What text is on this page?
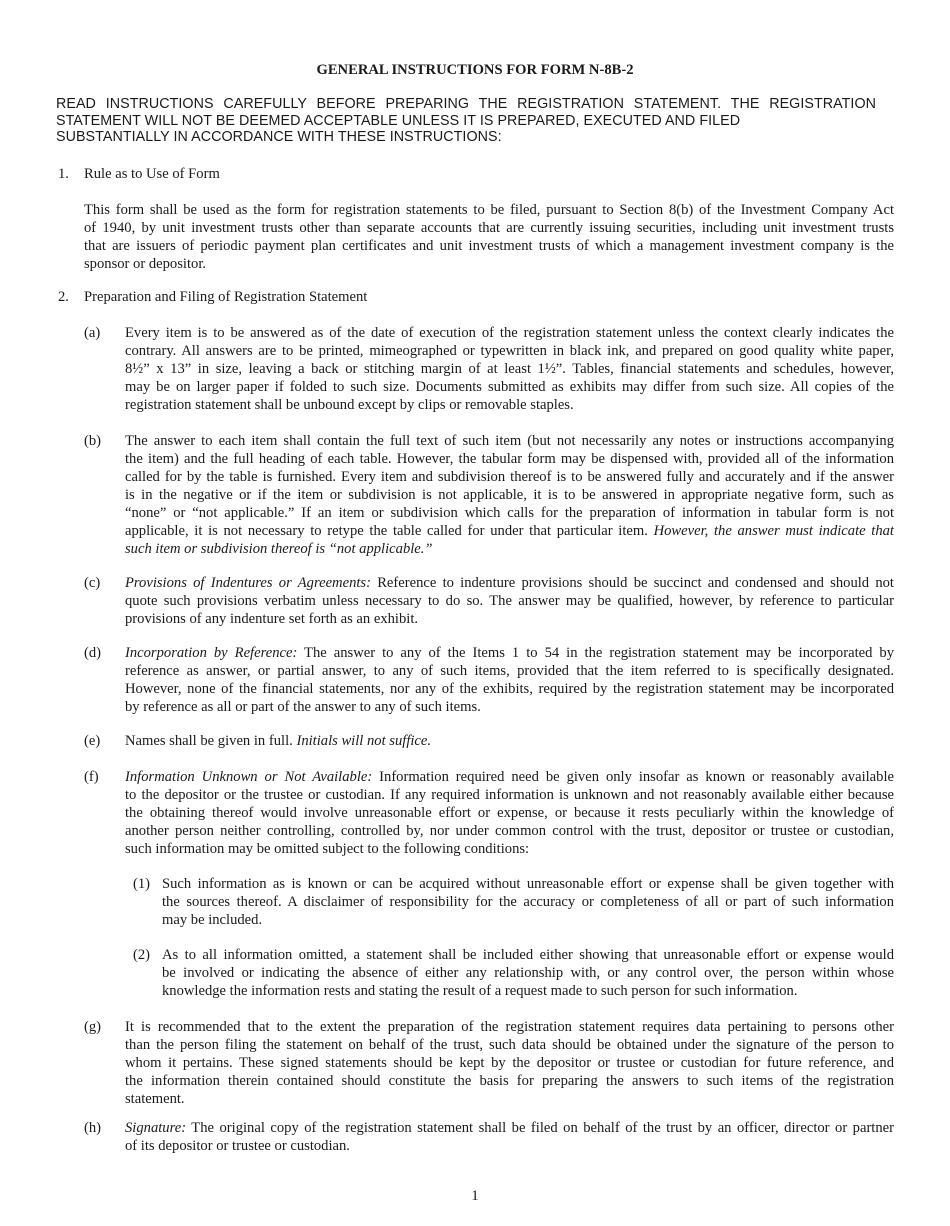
GENERAL INSTRUCTIONS FOR FORM N-8B-2
READ INSTRUCTIONS CAREFULLY BEFORE PREPARING THE REGISTRATION STATEMENT. THE REGISTRATION
STATEMENT WILL NOT BE DEEMED ACCEPTABLE UNLESS IT IS PREPARED, EXECUTED AND FILED
SUBSTANTIALLY IN ACCORDANCE WITH THESE INSTRUCTIONS:
1. Rule as to Use of Form
This form shall be used as the form for registration statements to be filed, pursuant to Section 8(b) of the Investment Company Act
of 1940, by unit investment trusts other than separate accounts that are currently issuing securities, including unit investment trusts
that are issuers of periodic payment plan certificates and unit investment trusts of which a management investment company is the
sponsor or depositor.
2. Preparation and Filing of Registration Statement
(a) Every item is to be answered as of the date of execution of the registration statement unless the context clearly indicates the
contrary. All answers are to be printed, mimeographed or typewritten in black ink, and prepared on good quality white paper,
8½” x 13” in size, leaving a back or stitching margin of at least 1½”. Tables, financial statements and schedules, however,
may be on larger paper if folded to such size. Documents submitted as exhibits may differ from such size. All copies of the
registration statement shall be unbound except by clips or removable staples.
(b) The answer to each item shall contain the full text of such item (but not necessarily any notes or instructions accompanying
the item) and the full heading of each table. However, the tabular form may be dispensed with, provided all of the information
called for by the table is furnished. Every item and subdivision thereof is to be answered fully and accurately and if the answer
is in the negative or if the item or subdivision is not applicable, it is to be answered in appropriate negative form, such as
“none” or “not applicable.” If an item or subdivision which calls for the preparation of information in tabular form is not
applicable, it is not necessary to retype the table called for under that particular item. However, the answer must indicate that
such item or subdivision thereof is “not applicable.”
(c) Provisions of Indentures or Agreements: Reference to indenture provisions should be succinct and condensed and should not
quote such provisions verbatim unless necessary to do so. The answer may be qualified, however, by reference to particular
provisions of any indenture set forth as an exhibit.
(d) Incorporation by Reference: The answer to any of the Items 1 to 54 in the registration statement may be incorporated by
reference as answer, or partial answer, to any of such items, provided that the item referred to is specifically designated.
However, none of the financial statements, nor any of the exhibits, required by the registration statement may be incorporated
by reference as all or part of the answer to any of such items.
(e) Names shall be given in full. Initials will not suffice.
(f) Information Unknown or Not Available: Information required need be given only insofar as known or reasonably available
to the depositor or the trustee or custodian. If any required information is unknown and not reasonably available either because
the obtaining thereof would involve unreasonable effort or expense, or because it rests peculiarly within the knowledge of
another person neither controlling, controlled by, nor under common control with the trust, depositor or trustee or custodian,
such information may be omitted subject to the following conditions:
(1) Such information as is known or can be acquired without unreasonable effort or expense shall be given together with
the sources thereof. A disclaimer of responsibility for the accuracy or completeness of all or part of such information
may be included.
(2) As to all information omitted, a statement shall be included either showing that unreasonable effort or expense would
be involved or indicating the absence of either any relationship with, or any control over, the person within whose
knowledge the information rests and stating the result of a request made to such person for such information.
(g) It is recommended that to the extent the preparation of the registration statement requires data pertaining to persons other
than the person filing the statement on behalf of the trust, such data should be obtained under the signature of the person to
whom it pertains. These signed statements should be kept by the depositor or trustee or custodian for future reference, and
the information therein contained should constitute the basis for preparing the answers to such items of the registration
statement.
(h) Signature: The original copy of the registration statement shall be filed on behalf of the trust by an officer, director or partner
of its depositor or trustee or custodian.
1
